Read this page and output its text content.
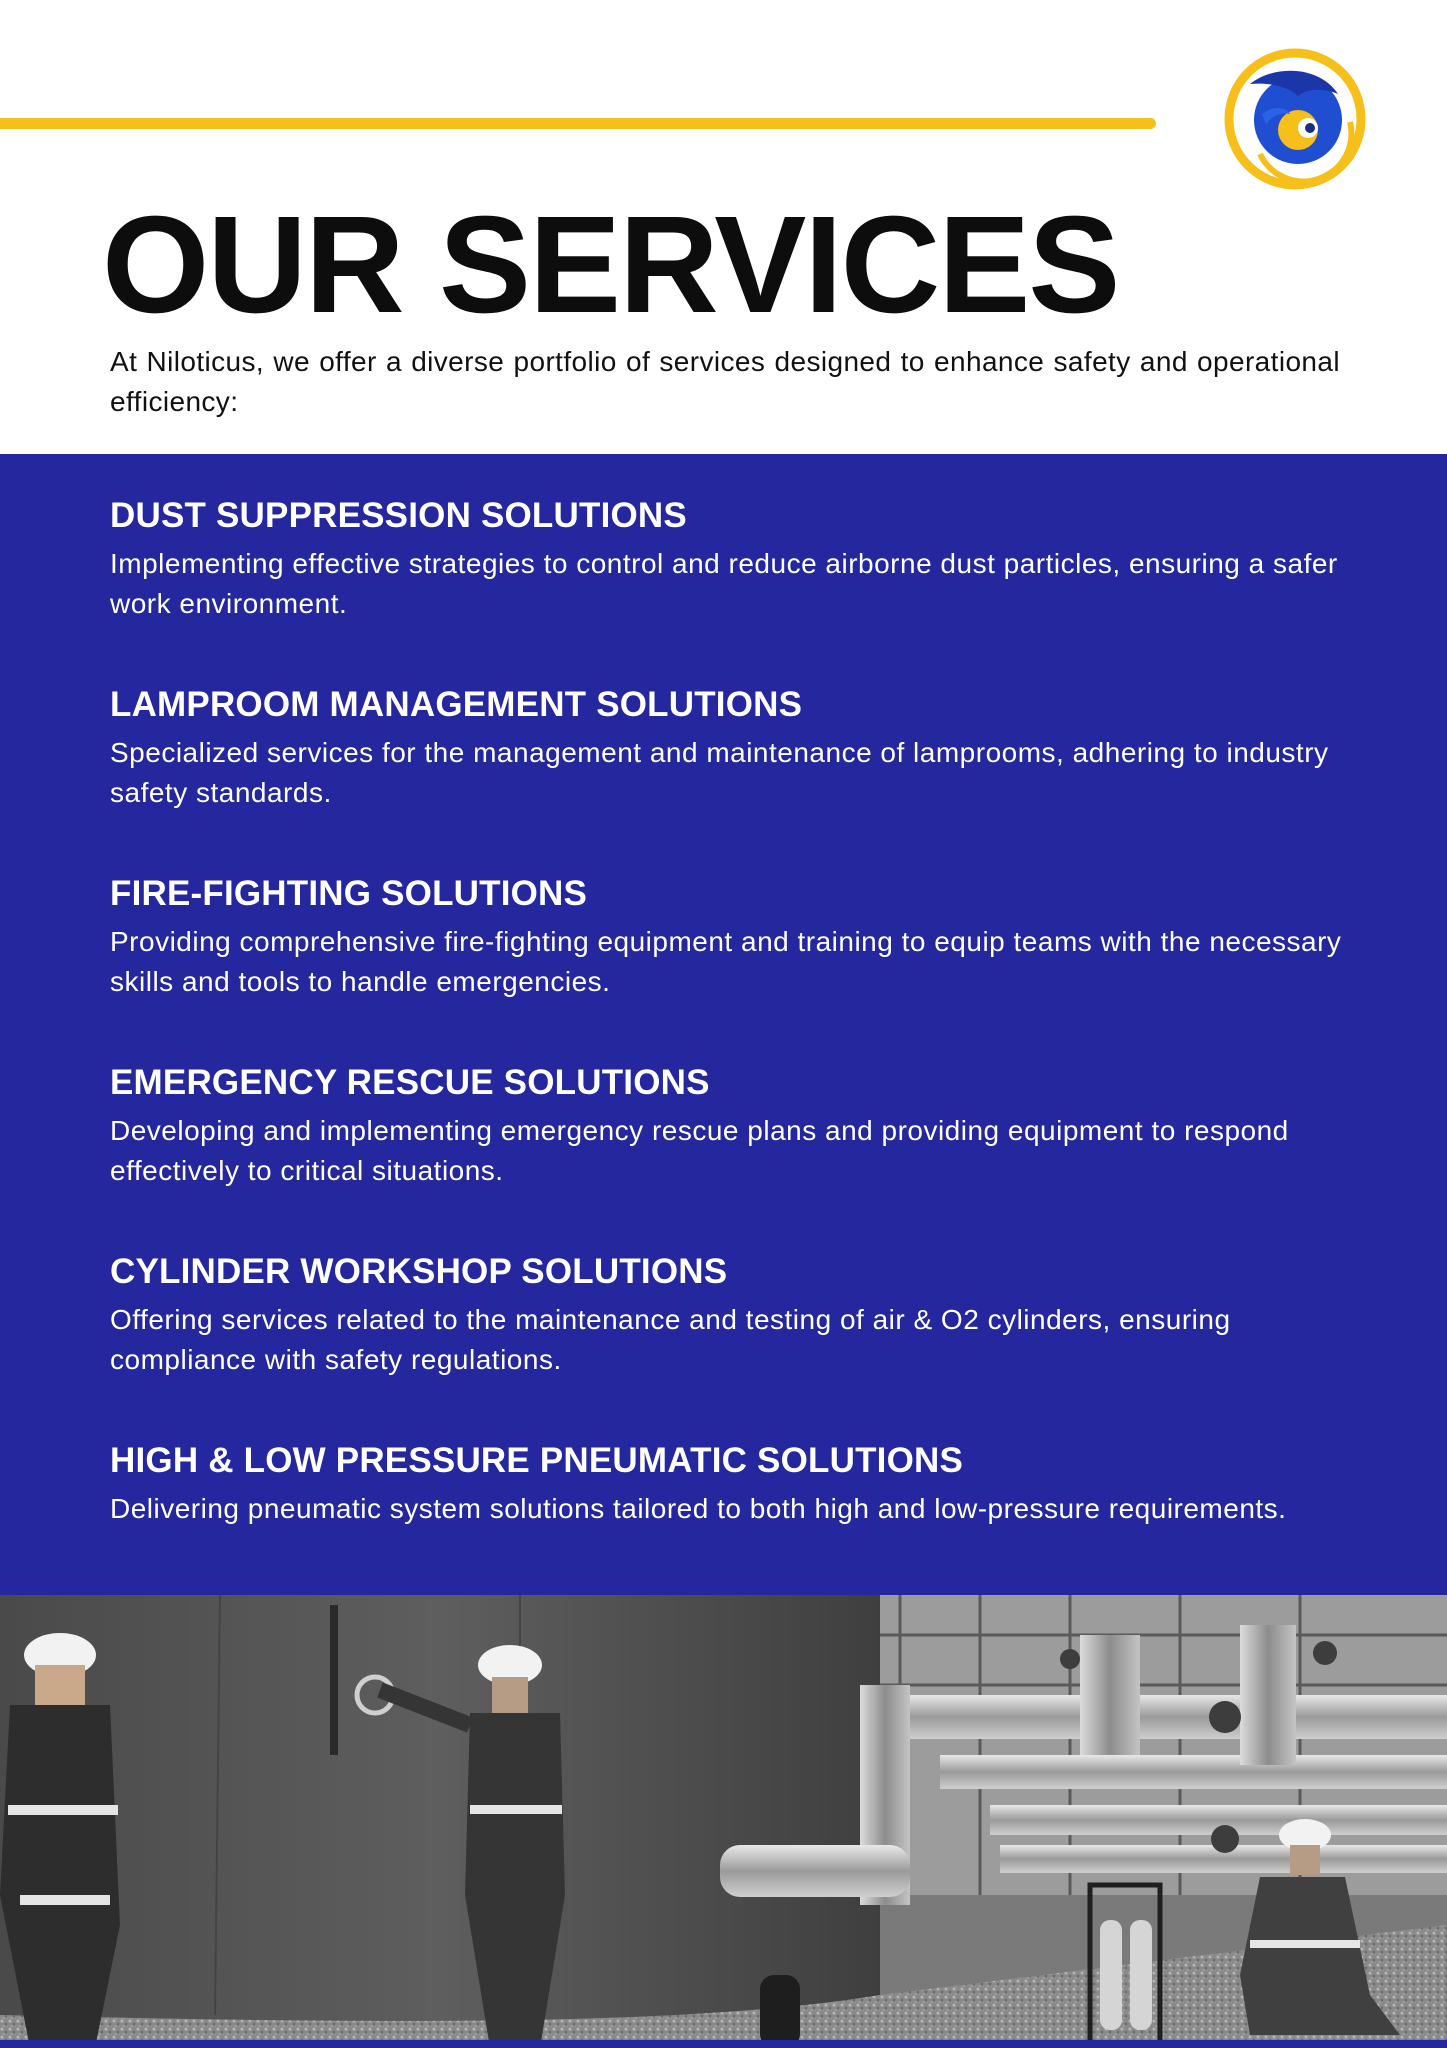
OUR SERVICES

At Niloticus, we offer a diverse portfolio of services designed to enhance safety and operational efficiency:

DUST SUPPRESSION SOLUTIONS

Implementing effective strategies to control and reduce airborne dust particles, ensuring a safer work environment.

LAMPROOM MANAGEMENT SOLUTIONS

Specialized services for the management and maintenance of lamprooms, adhering to industry safety standards.

FIRE-FIGHTING SOLUTIONS

Providing comprehensive fire-fighting equipment and training to equip teams with the necessary skills and tools to handle emergencies.

EMERGENCY RESCUE SOLUTIONS

Developing and implementing emergency rescue plans and providing equipment to respond effectively to critical situations.

CYLINDER WORKSHOP SOLUTIONS

Offering services related to the maintenance and testing of air & O2 cylinders, ensuring compliance with safety regulations.

HIGH & LOW PRESSURE PNEUMATIC SOLUTIONS

Delivering pneumatic system solutions tailored to both high and low-pressure requirements.
